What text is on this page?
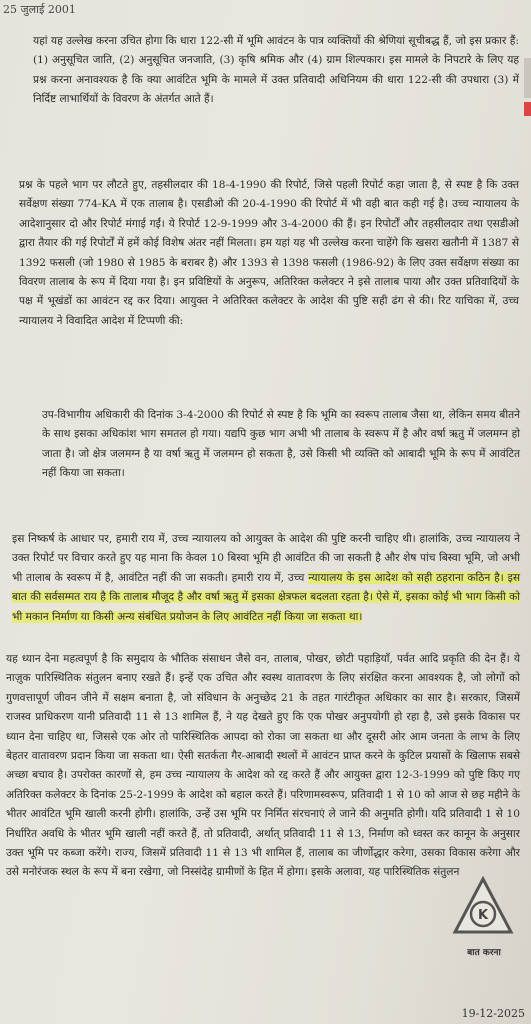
25 जुलाई 2001

यहां यह उल्लेख करना उचित होगा कि धारा 122-सी में भूमि आवंटन के पात्र व्यक्तियों की श्रेणियां सूचीबद्ध हैं, जो इस प्रकार हैं: (1) अनुसूचित जाति, (2) अनुसूचित जनजाति, (3) कृषि श्रमिक और (4) ग्राम शिल्पकार। इस मामले के निपटारे के लिए यह प्रश्न करना अनावश्यक है कि क्या आवंटित भूमि के मामले में उक्त प्रतिवादी अधिनियम की धारा 122-सी की उपधारा (3) में निर्दिष्ट लाभार्थियों के विवरण के अंतर्गत आते हैं।

प्रश्न के पहले भाग पर लौटते हुए, तहसीलदार की 18-4-1990 की रिपोर्ट, जिसे पहली रिपोर्ट कहा जाता है, से स्पष्ट है कि उक्त सर्वेक्षण संख्या 774-KA में एक तालाब है। एसडीओ की 20-4-1990 की रिपोर्ट में भी वही बात कही गई है। उच्च न्यायालय के आदेशानुसार दो और रिपोर्ट मंगाई गईं। ये रिपोर्ट 12-9-1999 और 3-4-2000 की हैं। इन रिपोर्टों और तहसीलदार तथा एसडीओ द्वारा तैयार की गई रिपोर्टों में हमें कोई विशेष अंतर नहीं मिलता। हम यहां यह भी उल्लेख करना चाहेंगे कि खसरा खतौनी में 1387 से 1392 फसली (जो 1980 से 1985 के बराबर है) और 1393 से 1398 फसली (1986-92) के लिए उक्त सर्वेक्षण संख्या का विवरण तालाब के रूप में दिया गया है। इन प्रविष्टियों के अनुरूप, अतिरिक्त कलेक्टर ने इसे तालाब पाया और उक्त प्रतिवादियों के पक्ष में भूखंडों का आवंटन रद्द कर दिया। आयुक्त ने अतिरिक्त कलेक्टर के आदेश की पुष्टि सही ढंग से की। रिट याचिका में, उच्च न्यायालय ने विवादित आदेश में टिप्पणी की:

उप-विभागीय अधिकारी की दिनांक 3-4-2000 की रिपोर्ट से स्पष्ट है कि भूमि का स्वरूप तालाब जैसा था, लेकिन समय बीतने के साथ इसका अधिकांश भाग समतल हो गया। यद्यपि कुछ भाग अभी भी तालाब के स्वरूप में है और वर्षा ऋतु में जलमग्न हो जाता है। जो क्षेत्र जलमग्न है या वर्षा ऋतु में जलमग्न हो सकता है, उसे किसी भी व्यक्ति को आबादी भूमि के रूप में आवंटित नहीं किया जा सकता।

इस निष्कर्ष के आधार पर, हमारी राय में, उच्च न्यायालय को आयुक्त के आदेश की पुष्टि करनी चाहिए थी। हालांकि, उच्च न्यायालय ने उक्त रिपोर्ट पर विचार करते हुए यह माना कि केवल 10 बिस्वा भूमि ही आवंटित की जा सकती है और शेष पांच बिस्वा भूमि, जो अभी भी तालाब के स्वरूप में है, आवंटित नहीं की जा सकती। हमारी राय में, उच्च न्यायालय के इस आदेश को सही ठहराना कठिन है। इस बात की सर्वसम्मत राय है कि तालाब मौजूद है और वर्षा ऋतु में इसका क्षेत्रफल बदलता रहता है। ऐसे में, इसका कोई भी भाग किसी को भी मकान निर्माण या किसी अन्य संबंधित प्रयोजन के लिए आवंटित नहीं किया जा सकता था।

यह ध्यान देना महत्वपूर्ण है कि समुदाय के भौतिक संसाधन जैसे वन, तालाब, पोखर, छोटी पहाड़ियाँ, पर्वत आदि प्रकृति की देन हैं। ये नाज़ुक पारिस्थितिक संतुलन बनाए रखते हैं। इन्हें एक उचित और स्वस्थ वातावरण के लिए संरक्षित करना आवश्यक है, जो लोगों को गुणवत्तापूर्ण जीवन जीने में सक्षम बनाता है, जो संविधान के अनुच्छेद 21 के तहत गारंटीकृत अधिकार का सार है। सरकार, जिसमें राजस्व प्राधिकरण यानी प्रतिवादी 11 से 13 शामिल हैं, ने यह देखते हुए कि एक पोखर अनुपयोगी हो रहा है, उसे इसके विकास पर ध्यान देना चाहिए था, जिससे एक ओर तो पारिस्थितिक आपदा को रोका जा सकता था और दूसरी ओर आम जनता के लाभ के लिए बेहतर वातावरण प्रदान किया जा सकता था। ऐसी सतर्कता गैर-आबादी स्थलों में आवंटन प्राप्त करने के कुटिल प्रयासों के खिलाफ सबसे अच्छा बचाव है। उपरोक्त कारणों से, हम उच्च न्यायालय के आदेश को रद्द करते हैं और आयुक्त द्वारा 12-3-1999 को पुष्टि किए गए अतिरिक्त कलेक्टर के दिनांक 25-2-1999 के आदेश को बहाल करते हैं। परिणामस्वरूप, प्रतिवादी 1 से 10 को आज से छह महीने के भीतर आवंटित भूमि खाली करनी होगी। हालांकि, उन्हें उस भूमि पर निर्मित संरचनाएं ले जाने की अनुमति होगी। यदि प्रतिवादी 1 से 10 निर्धारित अवधि के भीतर भूमि खाली नहीं करते हैं, तो प्रतिवादी, अर्थात् प्रतिवादी 11 से 13, निर्माण को ध्वस्त कर कानून के अनुसार उक्त भूमि पर कब्जा करेंगे। राज्य, जिसमें प्रतिवादी 11 से 13 भी शामिल हैं, तालाब का जीर्णोद्धार करेगा, उसका विकास करेगा और उसे मनोरंजक स्थल के रूप में बना रखेगा, जो निस्संदेह ग्रामीणों के हित में होगा। इसके अलावा, यह पारिस्थितिक संतुलन

K
बात करना
19-12-2025
